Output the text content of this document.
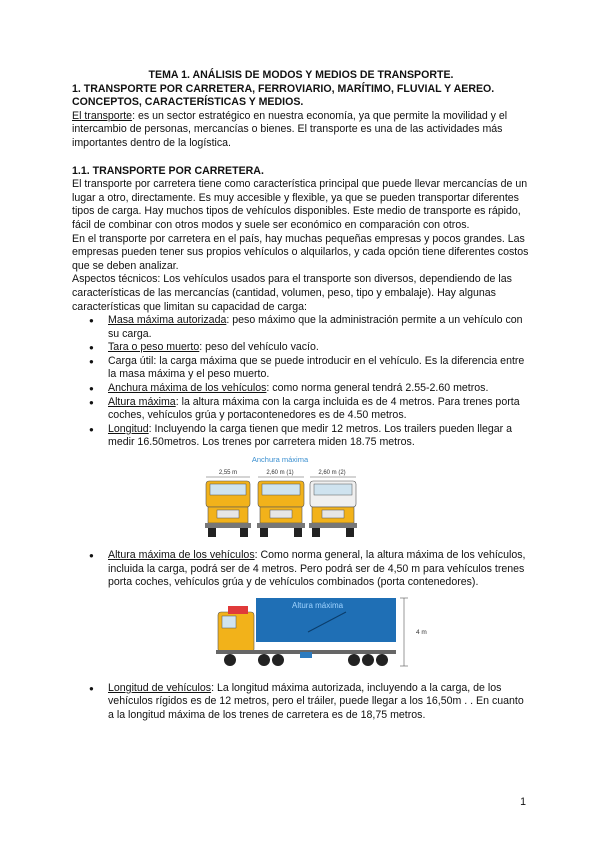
TEMA 1. ANÁLISIS DE MODOS Y MEDIOS DE TRANSPORTE.
1. TRANSPORTE POR CARRETERA, FERROVIARIO, MARÍTIMO, FLUVIAL Y AEREO. CONCEPTOS, CARACTERÍSTICAS Y MEDIOS.

El transporte: es un sector estratégico en nuestra economía, ya que permite la movilidad y el intercambio de personas, mercancías o bienes. El transporte es una de las actividades más importantes dentro de la logística.

1.1. TRANSPORTE POR CARRETERA.

El transporte por carretera tiene como característica principal que puede llevar mercancías de un lugar a otro, directamente. Es muy accesible y flexible, ya que se pueden transportar diferentes tipos de carga. Hay muchos tipos de vehículos disponibles. Este medio de transporte es rápido, fácil de combinar con otros modos y suele ser económico en comparación con otros.

En el transporte por carretera en el país, hay muchas pequeñas empresas y pocos grandes. Las empresas pueden tener sus propios vehículos o alquilarlos, y cada opción tiene diferentes costos que se deben analizar.

Aspectos técnicos: Los vehículos usados para el transporte son diversos, dependiendo de las características de las mercancías (cantidad, volumen, peso, tipo y embalaje). Hay algunas características que limitan su capacidad de carga:

● Masa máxima autorizada: peso máximo que la administración permite a un vehículo con su carga.
● Tara o peso muerto: peso del vehículo vacío.
● Carga útil: la carga máxima que se puede introducir en el vehículo. Es la diferencia entre la masa máxima y el peso muerto.
● Anchura máxima de los vehículos: como norma general tendrá 2.55-2.60 metros.
● Altura máxima: la altura máxima con la carga incluida es de 4 metros. Para trenes porta coches, vehículos grúa y portacontenedores es de 4.50 metros.
● Longitud: Incluyendo la carga tienen que medir 12 metros. Los trailers pueden llegar a medir 16.50metros. Los trenes por carretera miden 18.75 metros.
Anchura máxima
2,55 m	2,60 m (1)	2,60 m (2)
● Altura máxima de los vehículos: Como norma general, la altura máxima de los vehículos, incluida la carga, podrá ser de 4 metros. Pero podrá ser de 4,50 m para vehículos trenes porta coches, vehículos grúa y de vehículos combinados (porta contenedores).
Altura máxima
4 m
● Longitud de vehículos: La longitud máxima autorizada, incluyendo a la carga, de los vehículos rígidos es de 12 metros, pero el tráiler, puede llegar a los 16,50m . . En cuanto a la longitud máxima de los trenes de carretera es de 18,75 metros.
1
